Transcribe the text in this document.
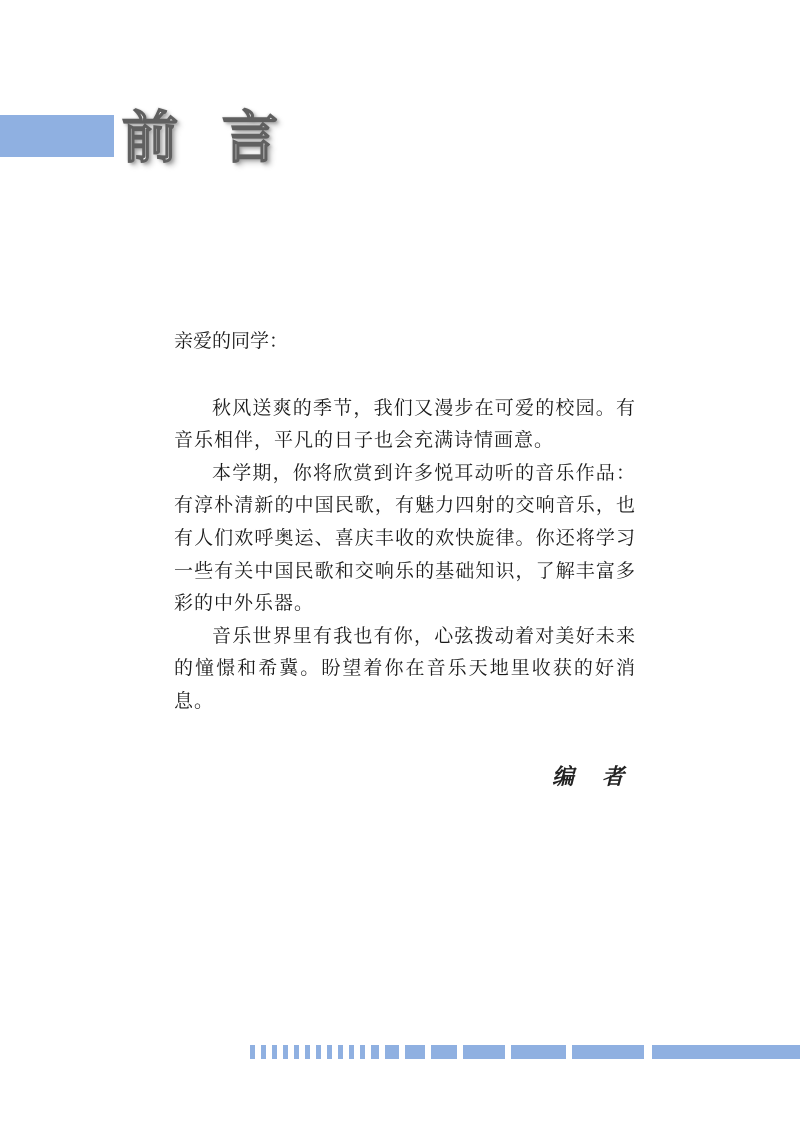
前言

亲爱的同学：

秋风送爽的季节，我们又漫步在可爱的校园。有音乐相伴，平凡的日子也会充满诗情画意。

本学期，你将欣赏到许多悦耳动听的音乐作品：有淳朴清新的中国民歌，有魅力四射的交响音乐，也有人们欢呼奥运、喜庆丰收的欢快旋律。你还将学习一些有关中国民歌和交响乐的基础知识，了解丰富多彩的中外乐器。

音乐世界里有我也有你，心弦拨动着对美好未来的憧憬和希冀。盼望着你在音乐天地里收获的好消息。

编者
